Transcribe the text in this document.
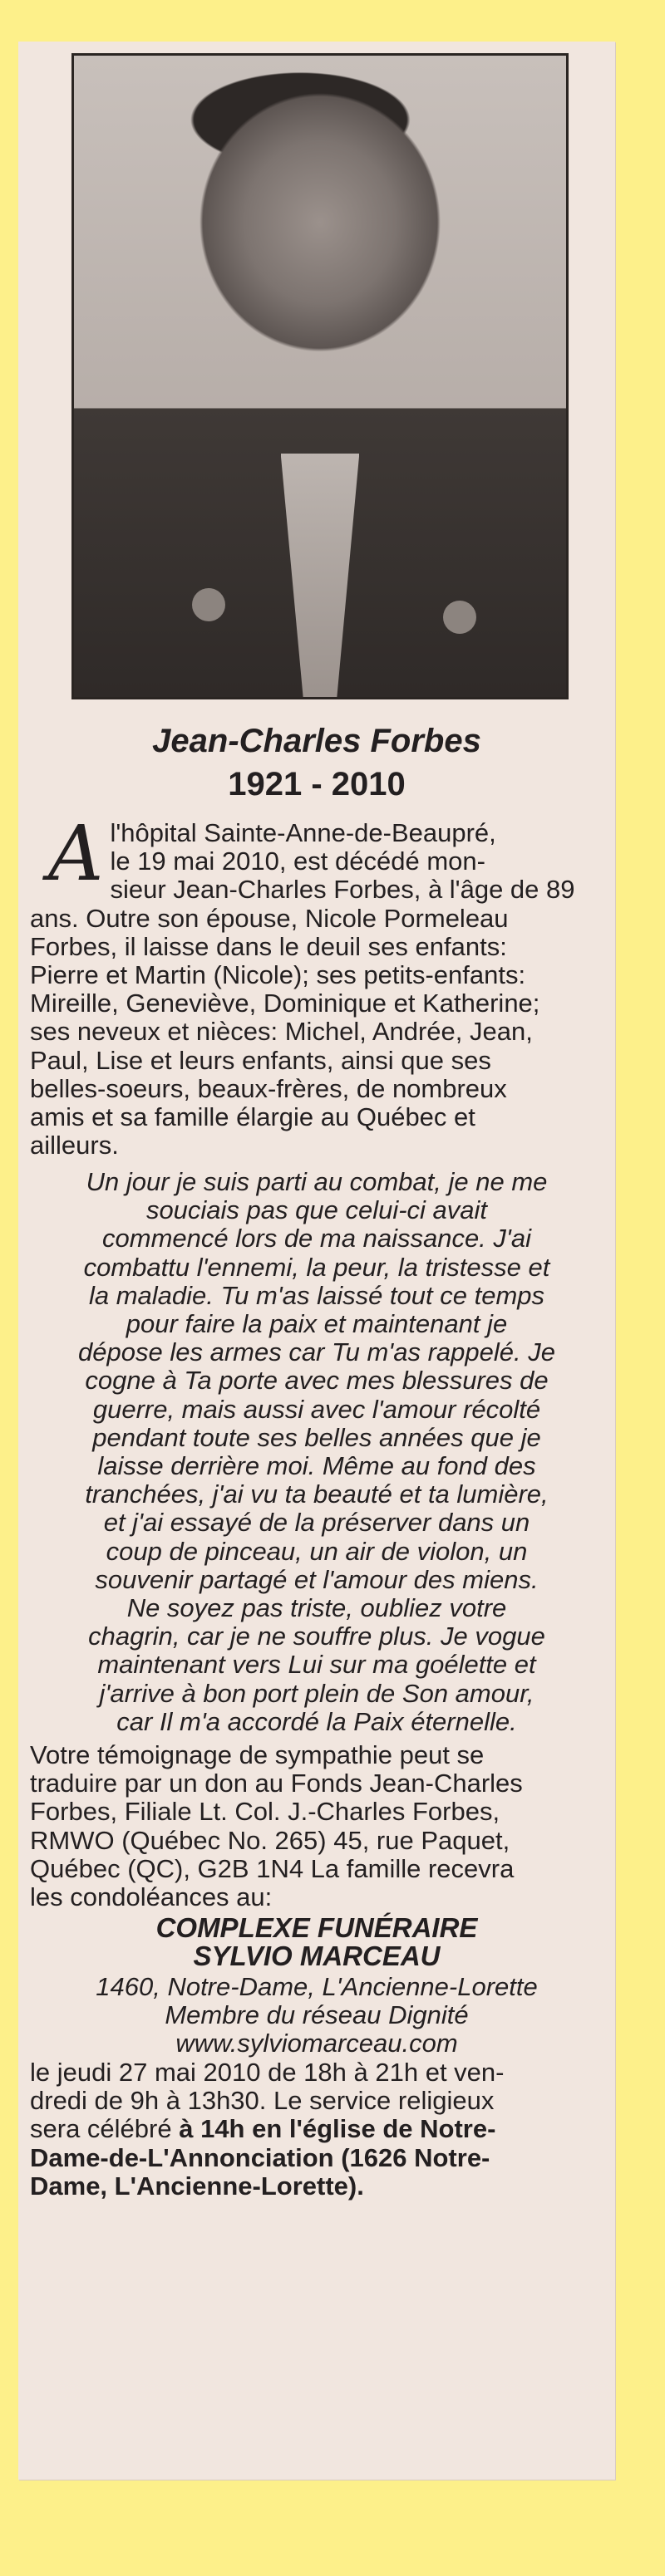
Jean-Charles Forbes
1921 - 2010
A l'hôpital Sainte-Anne-de-Beaupré,

le 19 mai 2010, est décédé mon-

sieur Jean-Charles Forbes, à l'âge de 89

ans. Outre son épouse, Nicole Pormeleau

Forbes, il laisse dans le deuil ses enfants:

Pierre et Martin (Nicole); ses petits-enfants:

Mireille, Geneviève, Dominique et Katherine;

ses neveux et nièces: Michel, Andrée, Jean,

Paul, Lise et leurs enfants, ainsi que ses

belles-soeurs, beaux-frères, de nombreux

amis et sa famille élargie au Québec et

ailleurs.

Un jour je suis parti au combat, je ne me

souciais pas que celui-ci avait

commencé lors de ma naissance. J'ai

combattu l'ennemi, la peur, la tristesse et

la maladie. Tu m'as laissé tout ce temps

pour faire la paix et maintenant je

dépose les armes car Tu m'as rappelé. Je

cogne à Ta porte avec mes blessures de

guerre, mais aussi avec l'amour récolté

pendant toute ses belles années que je

laisse derrière moi. Même au fond des

tranchées, j'ai vu ta beauté et ta lumière,

et j'ai essayé de la préserver dans un

coup de pinceau, un air de violon, un

souvenir partagé et l'amour des miens.

Ne soyez pas triste, oubliez votre

chagrin, car je ne souffre plus. Je vogue

maintenant vers Lui sur ma goélette et

j'arrive à bon port plein de Son amour,

car Il m'a accordé la Paix éternelle.

Votre témoignage de sympathie peut se

traduire par un don au Fonds Jean-Charles

Forbes, Filiale Lt. Col. J.-Charles Forbes,

RMWO (Québec No. 265) 45, rue Paquet,

Québec (QC), G2B 1N4 La famille recevra

les condoléances au:

COMPLEXE FUNÉRAIRE

SYLVIO MARCEAU

1460, Notre-Dame, L'Ancienne-Lorette

Membre du réseau Dignité

www.sylviomarceau.com

le jeudi 27 mai 2010 de 18h à 21h et ven-

dredi de 9h à 13h30. Le service religieux

sera célébré à 14h en l'église de Notre-

Dame-de-L'Annonciation (1626 Notre-

Dame, L'Ancienne-Lorette).
